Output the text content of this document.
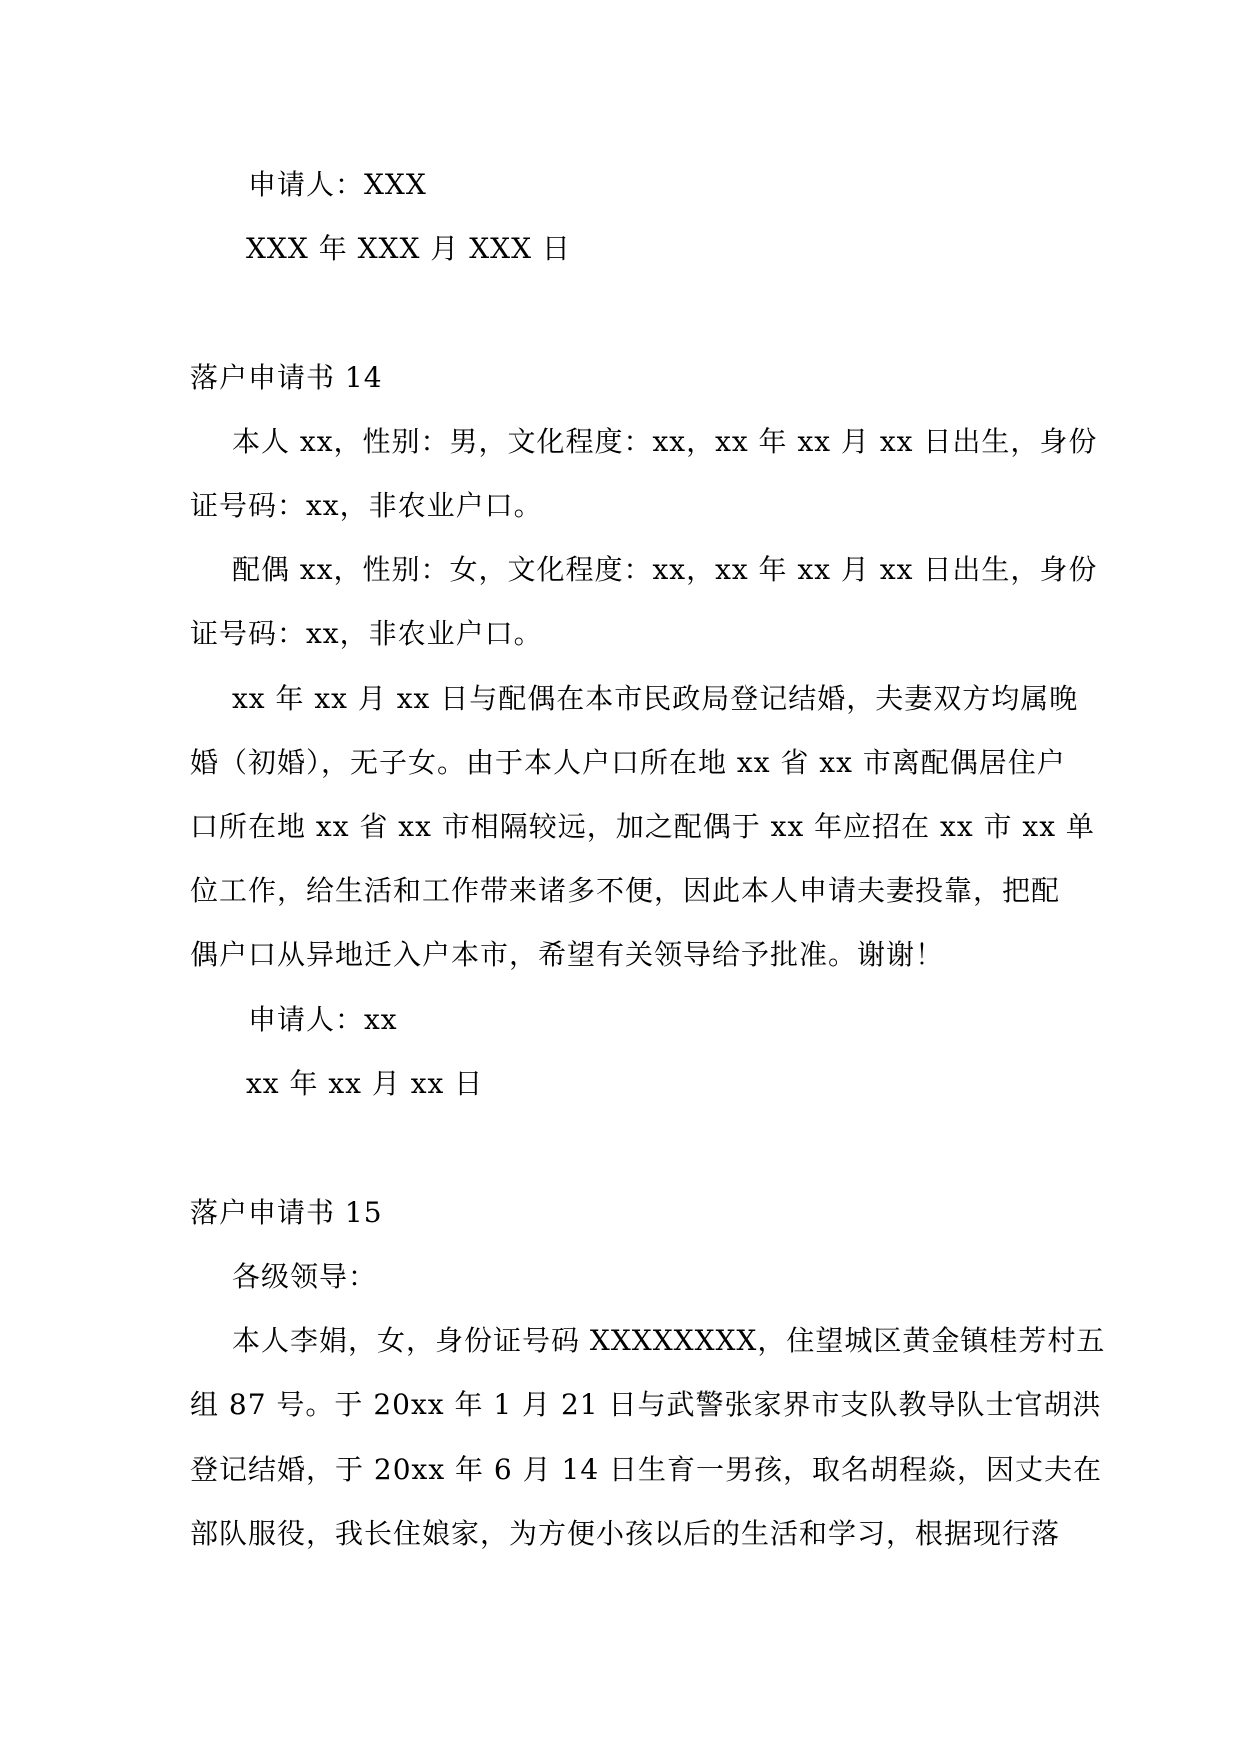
申请人：XXX
XXX 年 XXX 月 XXX 日
落户申请书 14
本人 xx，性别：男，文化程度：xx，xx 年 xx 月 xx 日出生，身份
证号码：xx，非农业户口。
配偶 xx，性别：女，文化程度：xx，xx 年 xx 月 xx 日出生，身份
证号码：xx，非农业户口。
xx 年 xx 月 xx 日与配偶在本市民政局登记结婚，夫妻双方均属晚
婚（初婚），无子女。由于本人户口所在地 xx 省 xx 市离配偶居住户
口所在地 xx 省 xx 市相隔较远，加之配偶于 xx 年应招在 xx 市 xx 单
位工作，给生活和工作带来诸多不便，因此本人申请夫妻投靠，把配
偶户口从异地迁入户本市，希望有关领导给予批准。谢谢！
申请人：xx
xx 年 xx 月 xx 日
落户申请书 15
各级领导：
本人李娟，女，身份证号码 XXXXXXXX，住望城区黄金镇桂芳村五
组 87 号。于 20xx 年 1 月 21 日与武警张家界市支队教导队士官胡洪
登记结婚，于 20xx 年 6 月 14 日生育一男孩，取名胡程焱，因丈夫在
部队服役，我长住娘家，为方便小孩以后的生活和学习，根据现行落
